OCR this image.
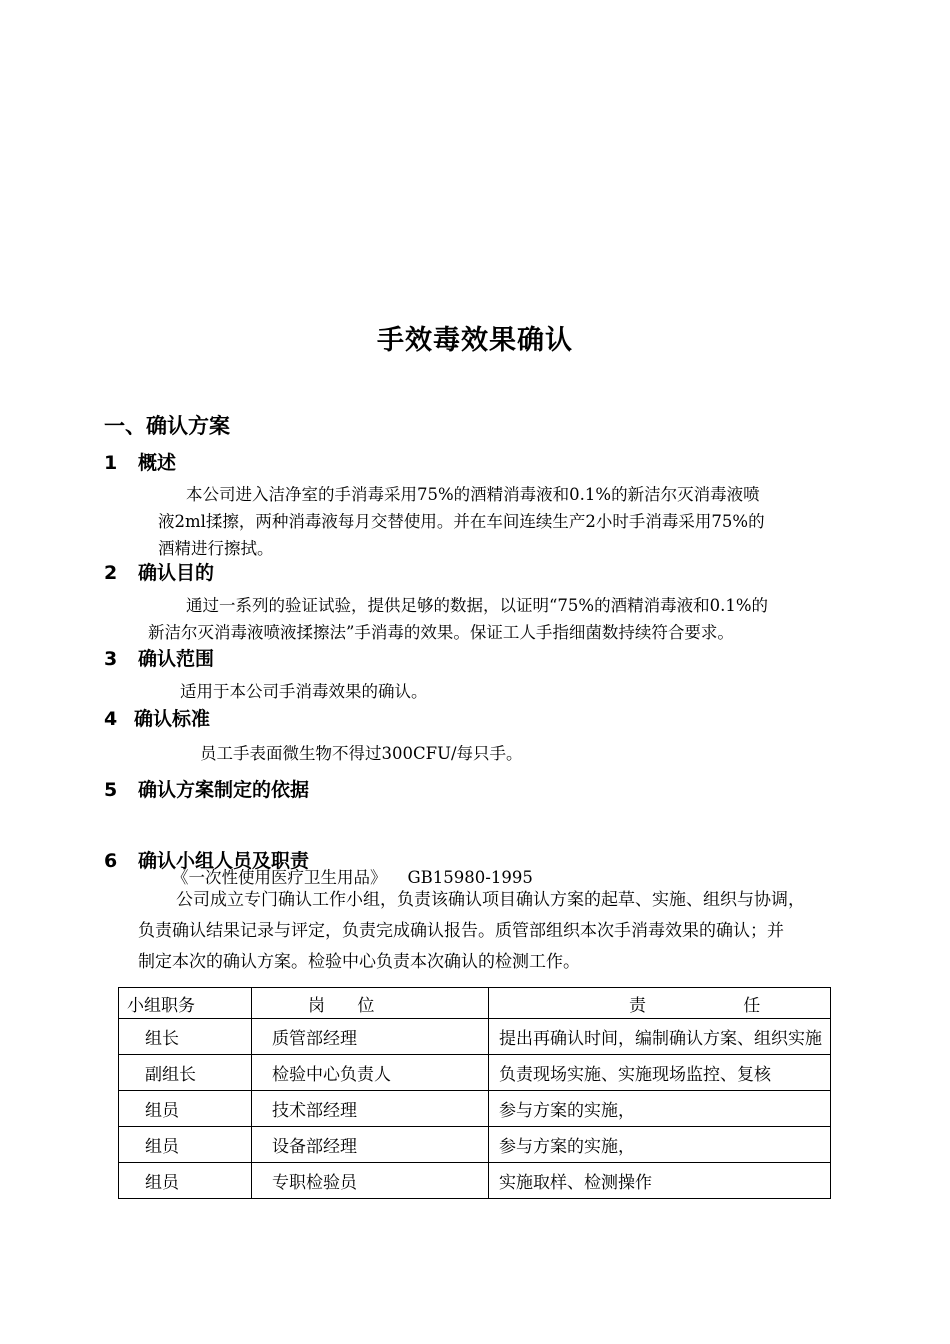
手效毒效果确认
一、确认方案
1 概述

本公司进入洁净室的手消毒采用75%的酒精消毒液和0.1%的新洁尔灭消毒液喷

液2ml揉擦，两种消毒液每月交替使用。并在车间连续生产2小时手消毒采用75%的

酒精进行擦拭。

2 确认目的

通过一系列的验证试验，提供足够的数据，以证明“75%的酒精消毒液和0.1%的

新洁尔灭消毒液喷液揉擦法”手消毒的效果。保证工人手指细菌数持续符合要求。

3 确认范围

适用于本公司手消毒效果的确认。

4 确认标准

员工手表面微生物不得过300CFU/每只手。

5 确认方案制定的依据

《一次性使用医疗卫生用品》    GB15980-1995

6 确认小组人员及职责

公司成立专门确认工作小组，负责该确认项目确认方案的起草、实施、组织与协调，

负责确认结果记录与评定，负责完成确认报告。质管部组织本次手消毒效果的确认；并

制定本次的确认方案。检验中心负责本次确认的检测工作。

小组职务	岗      位	责                  任
组长	质管部经理	提出再确认时间，编制确认方案、组织实施
副组长	检验中心负责人	负责现场实施、实施现场监控、复核
组员	技术部经理	参与方案的实施，
组员	设备部经理	参与方案的实施，
组员	专职检验员	实施取样、检测操作
